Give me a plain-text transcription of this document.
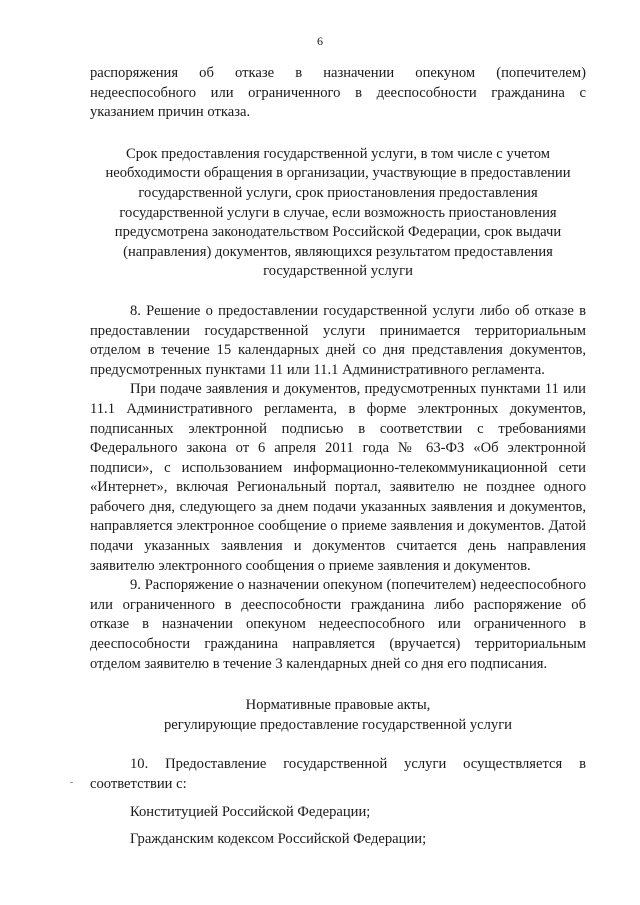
6

распоряжения об отказе в назначении опекуном (попечителем) недееспособного или ограниченного в дееспособности гражданина с указанием причин отказа.

Срок предоставления государственной услуги, в том числе с учетом необходимости обращения в организации, участвующие в предоставлении государственной услуги, срок приостановления предоставления государственной услуги в случае, если возможность приостановления предусмотрена законодательством Российской Федерации, срок выдачи (направления) документов, являющихся результатом предоставления государственной услуги

8. Решение о предоставлении государственной услуги либо об отказе в предоставлении государственной услуги принимается территориальным отделом в течение 15 календарных дней со дня представления документов, предусмотренных пунктами 11 или 11.1 Административного регламента.

При подаче заявления и документов, предусмотренных пунктами 11 или 11.1 Административного регламента, в форме электронных документов, подписанных электронной подписью в соответствии с требованиями Федерального закона от 6 апреля 2011 года № 63-ФЗ «Об электронной подписи», с использованием информационно-телекоммуникационной сети «Интернет», включая Региональный портал, заявителю не позднее одного рабочего дня, следующего за днем подачи указанных заявления и документов, направляется электронное сообщение о приеме заявления и документов. Датой подачи указанных заявления и документов считается день направления заявителю электронного сообщения о приеме заявления и документов.

9. Распоряжение о назначении опекуном (попечителем) недееспособного или ограниченного в дееспособности гражданина либо распоряжение об отказе в назначении опекуном недееспособного или ограниченного в дееспособности гражданина направляется (вручается) территориальным отделом заявителю в течение 3 календарных дней со дня его подписания.

Нормативные правовые акты,

регулирующие предоставление государственной услуги

10. Предоставление государственной услуги осуществляется в соответствии с:

Конституцией Российской Федерации;

Гражданским кодексом Российской Федерации;
